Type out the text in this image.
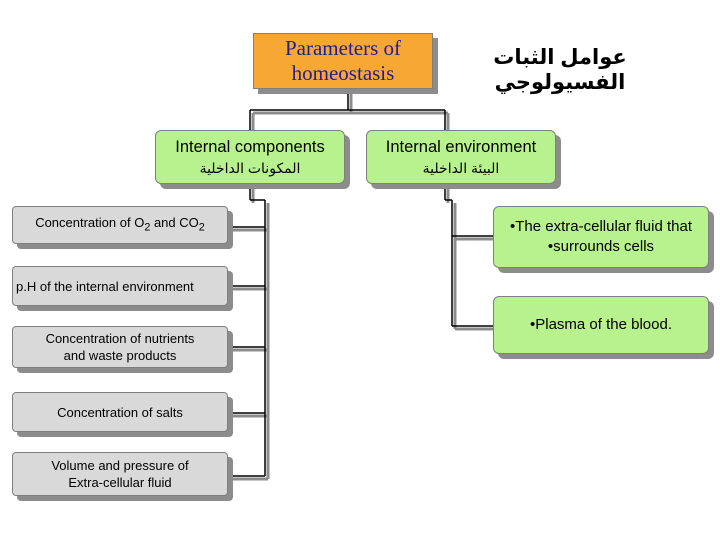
Parameters of
homeostasis
عوامل الثبات الفسيولوجي
Internal components
المكونات الداخلية
Internal environment
البيئة الداخلية
Concentration of $O_2$ and $CO_2$
p.H of the internal environment
Concentration of nutrients
and waste products
Concentration of salts
Volume and pressure of
Extra-cellular fluid
•The extra-cellular fluid that
•surrounds cells
•Plasma of the blood.
